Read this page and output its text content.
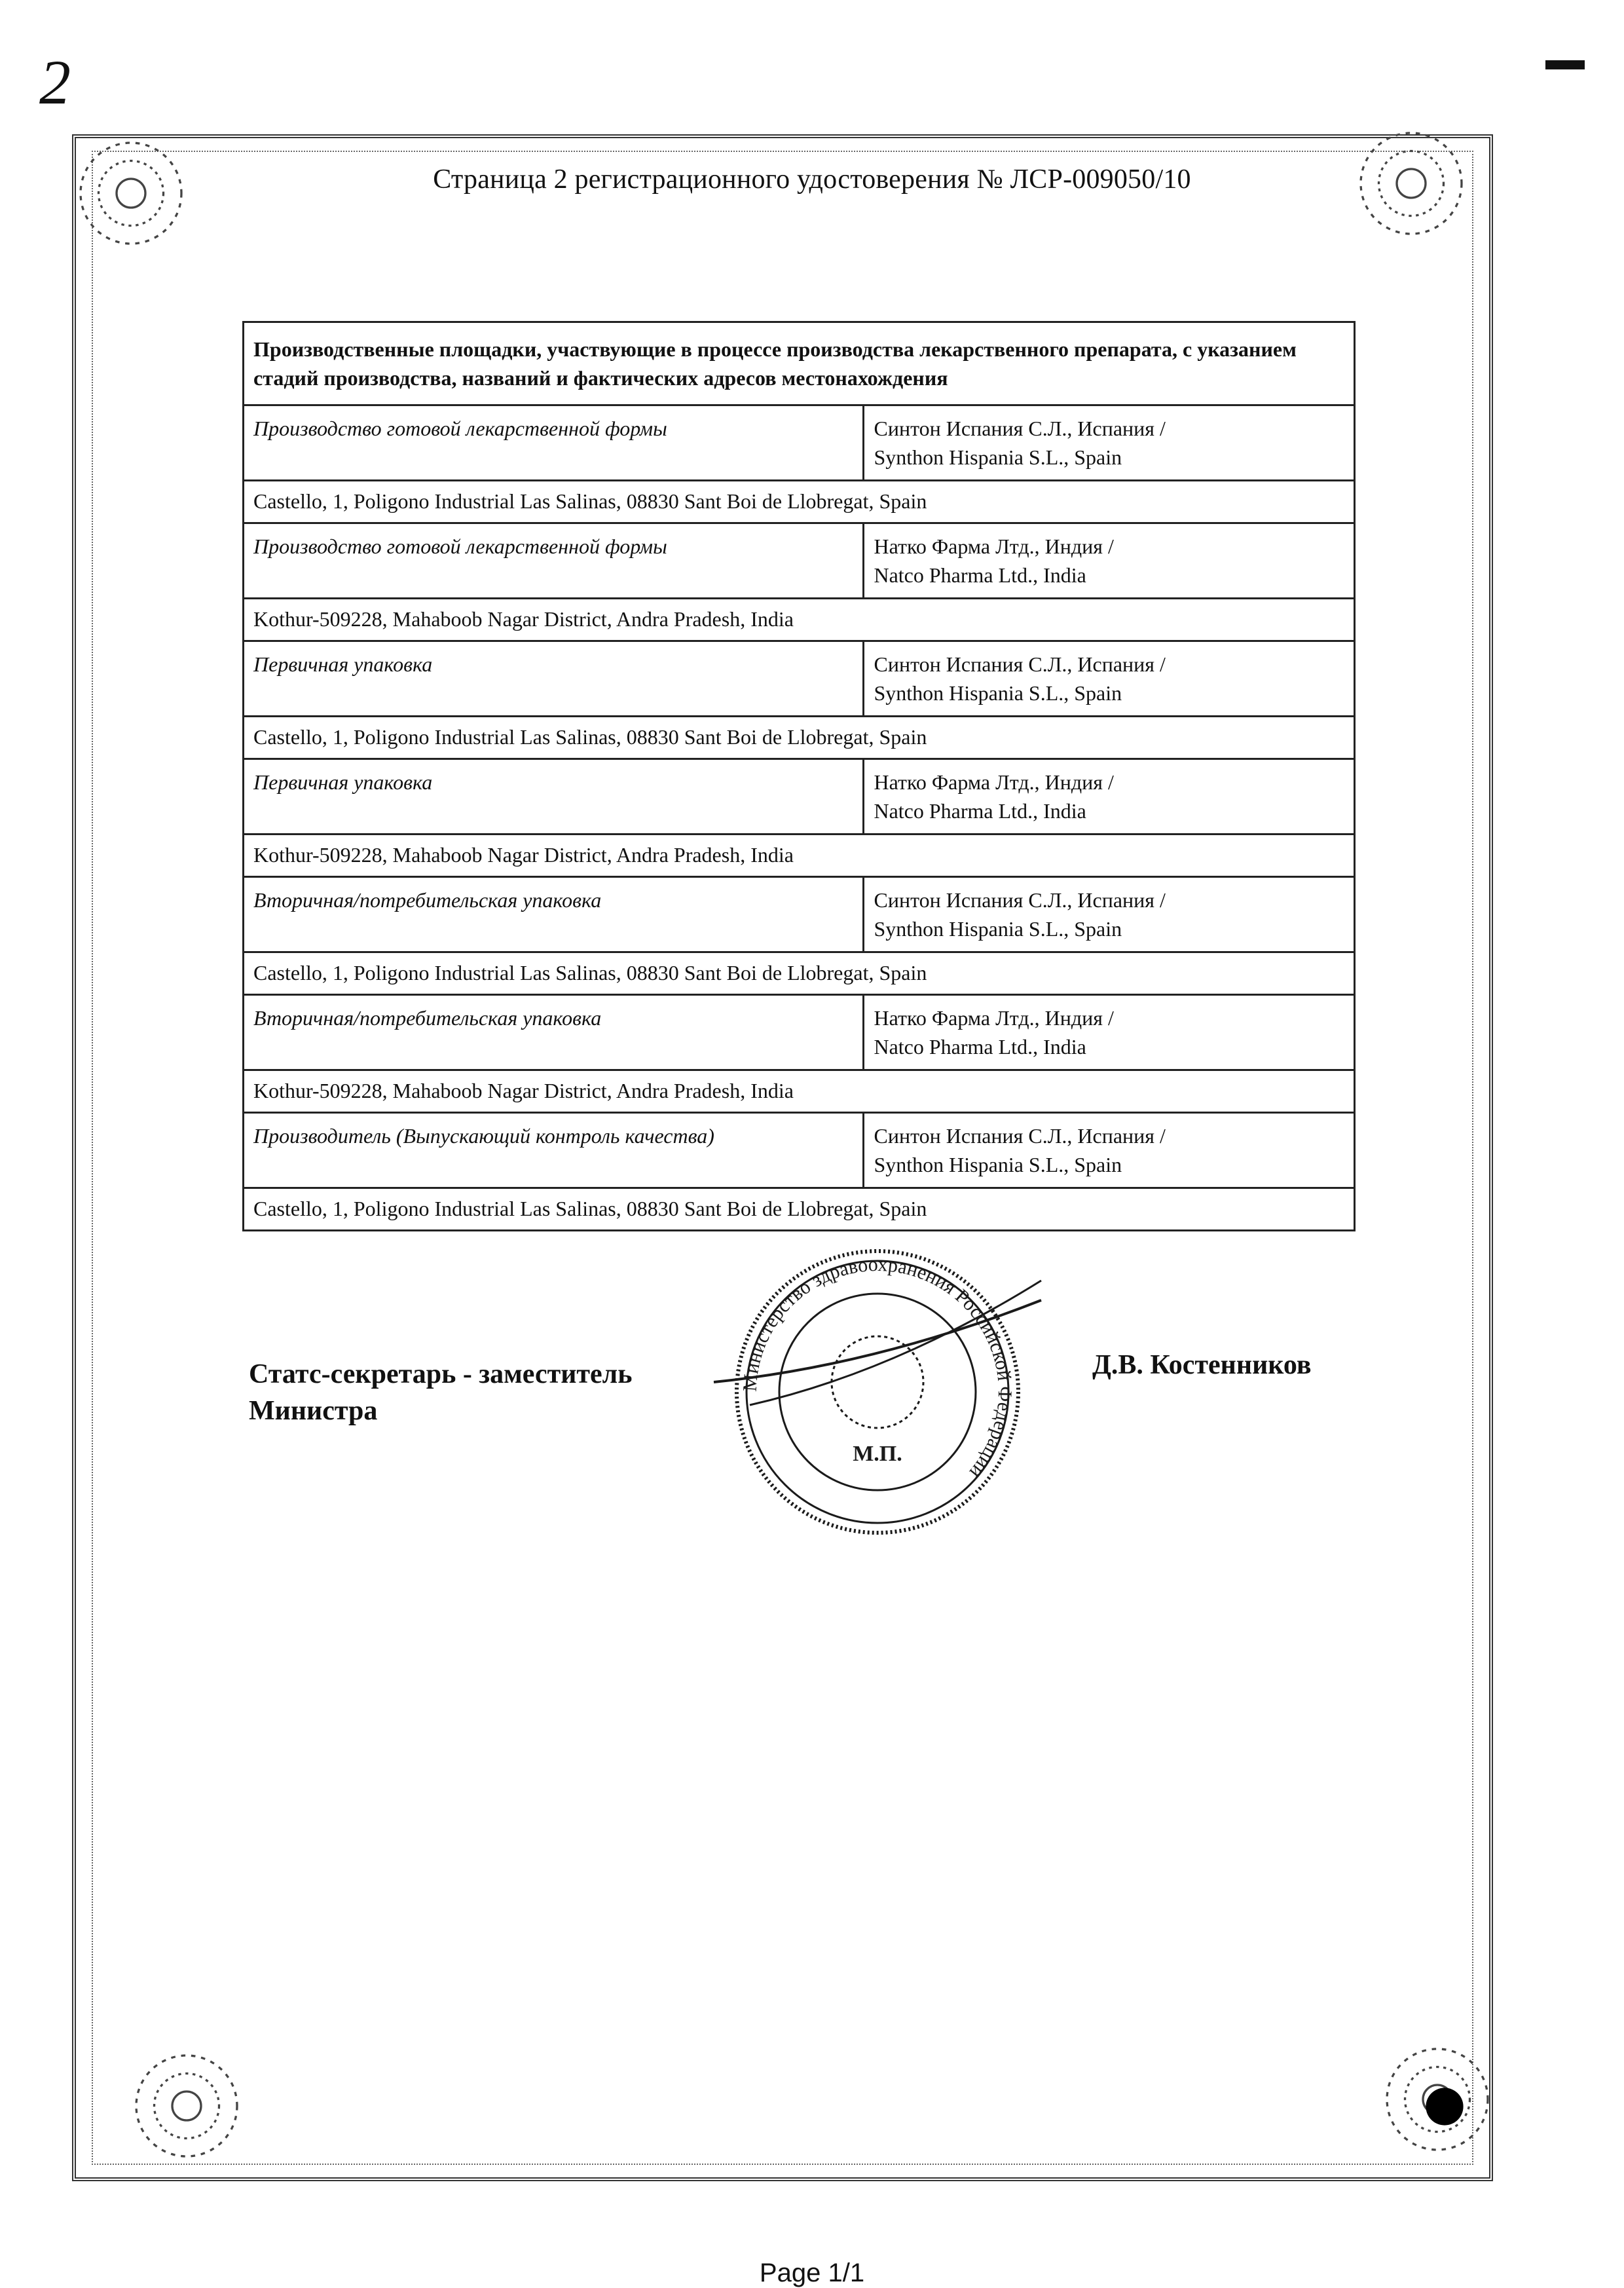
2
Страница 2 регистрационного удостоверения № ЛСР-009050/10
Производственные площадки, участвующие в процессе производства лекарственного препарата, с указанием стадий производства, названий и фактических адресов местонахождения	
Производство готовой лекарственной формы	Синтон Испания С.Л., Испания /
Synthon Hispania S.L., Spain

Castello, 1, Poligono Industrial Las Salinas, 08830 Sant Boi de Llobregat, Spain	
Производство готовой лекарственной формы	Натко Фарма Лтд., Индия /
Natco Pharma Ltd., India

Kothur-509228, Mahaboob Nagar District, Andra Pradesh, India	
Первичная упаковка	Синтон Испания С.Л., Испания /
Synthon Hispania S.L., Spain

Castello, 1, Poligono Industrial Las Salinas, 08830 Sant Boi de Llobregat, Spain	
Первичная упаковка	Натко Фарма Лтд., Индия /
Natco Pharma Ltd., India

Kothur-509228, Mahaboob Nagar District, Andra Pradesh, India	
Вторичная/потребительская упаковка	Синтон Испания С.Л., Испания /
Synthon Hispania S.L., Spain

Castello, 1, Poligono Industrial Las Salinas, 08830 Sant Boi de Llobregat, Spain	
Вторичная/потребительская упаковка	Натко Фарма Лтд., Индия /
Natco Pharma Ltd., India

Kothur-509228, Mahaboob Nagar District, Andra Pradesh, India	
Производитель (Выпускающий контроль качества)	Синтон Испания С.Л., Испания /
Synthon Hispania S.L., Spain

Castello, 1, Poligono Industrial Las Salinas, 08830 Sant Boi de Llobregat, Spain	
Статс-секретарь - заместитель
Министра
Д.В. Костенников
Министерство здравоохранения Российской Федерации
М.П.
Page 1/1
